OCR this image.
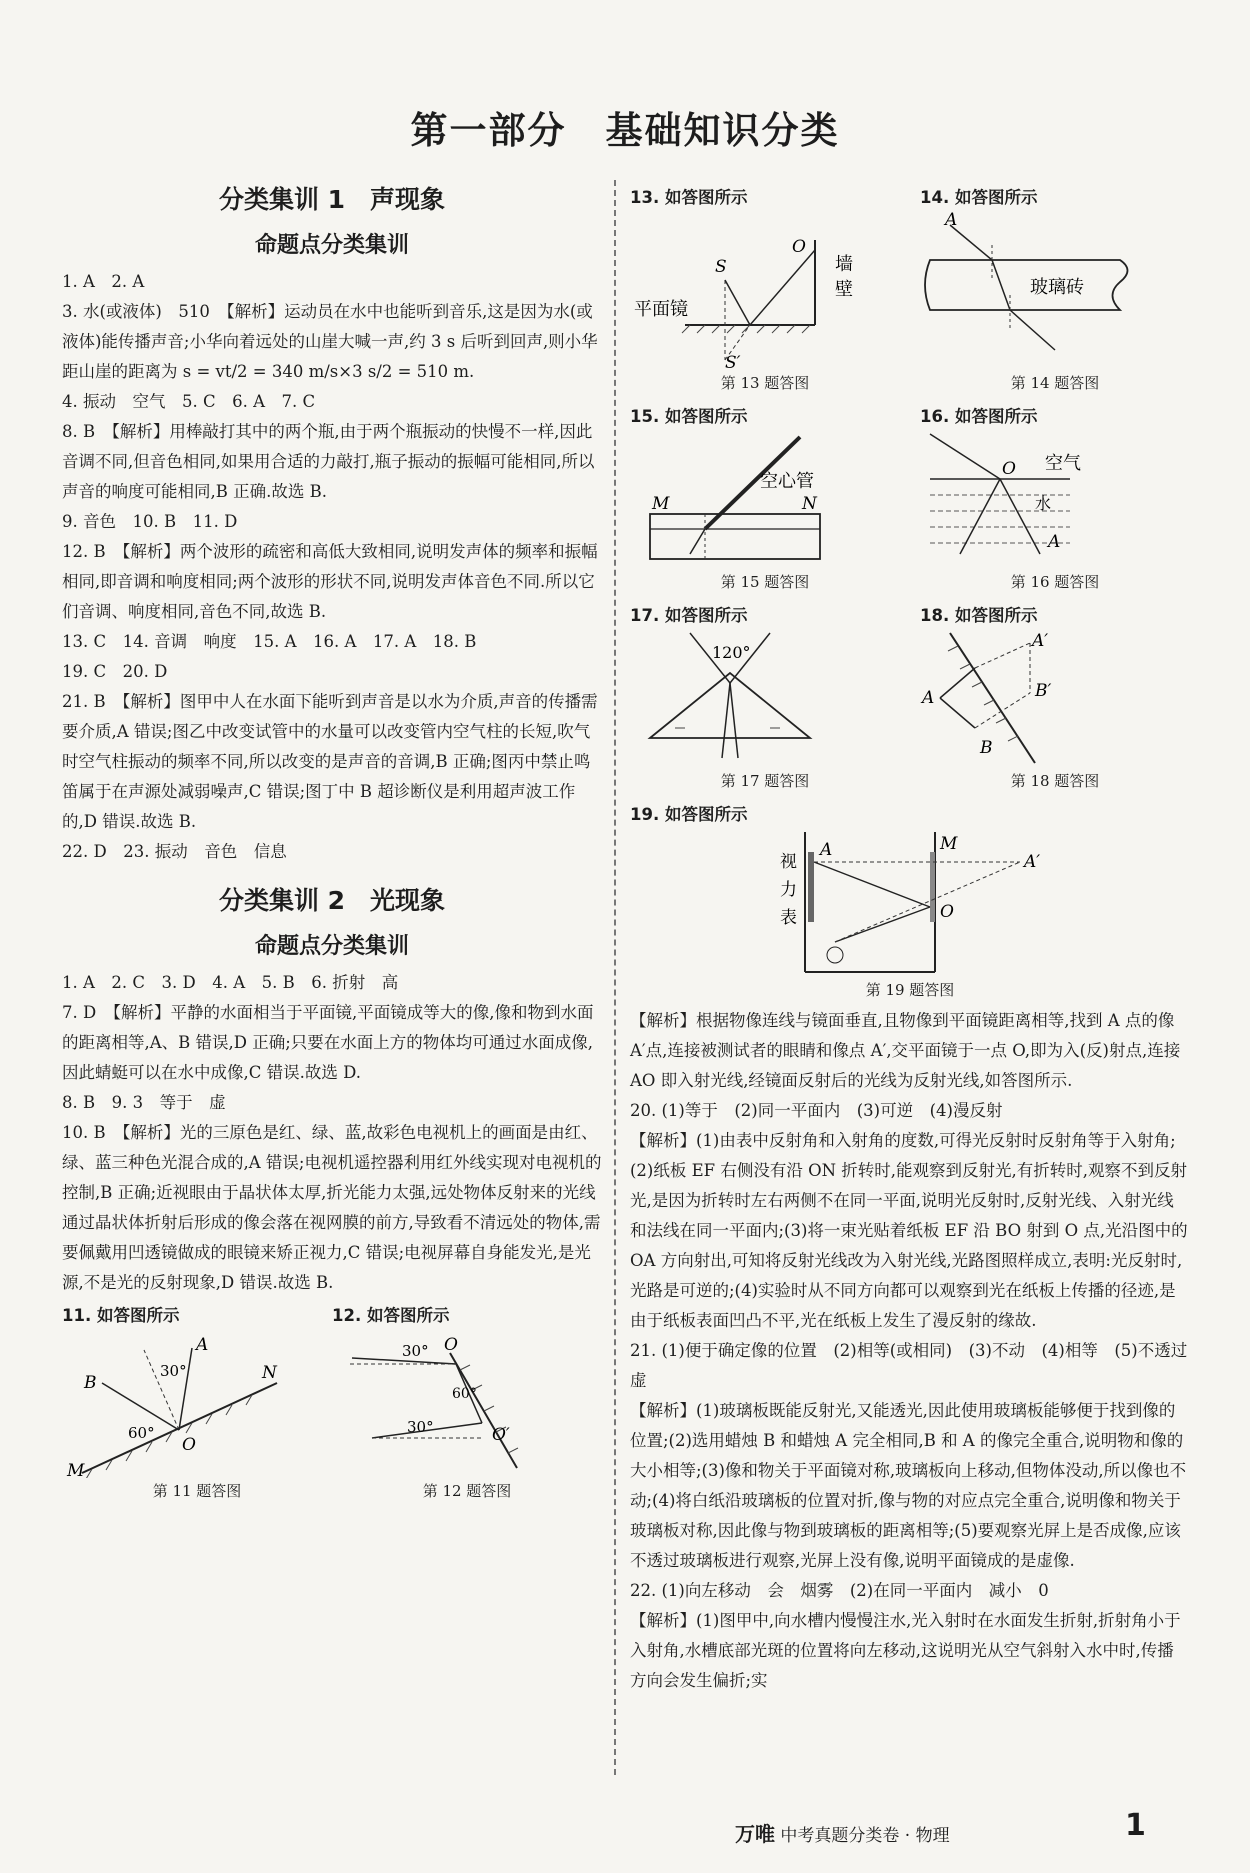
第一部分　基础知识分类
分类集训 1　声现象
命题点分类集训

1. A　2. A

3. 水(或液体)　510　【解析】运动员在水中也能听到音乐,这是因为水(或液体)能传播声音;小华向着远处的山崖大喊一声,约 3 s 后听到回声,则小华距山崖的距离为 s = vt/2 = 340 m/s×3 s/2 = 510 m.

4. 振动　空气　5. C　6. A　7. C

8. B　【解析】用棒敲打其中的两个瓶,由于两个瓶振动的快慢不一样,因此音调不同,但音色相同,如果用合适的力敲打,瓶子振动的振幅可能相同,所以声音的响度可能相同,B 正确.故选 B.

9. 音色　10. B　11. D

12. B　【解析】两个波形的疏密和高低大致相同,说明发声体的频率和振幅相同,即音调和响度相同;两个波形的形状不同,说明发声体音色不同.所以它们音调、响度相同,音色不同,故选 B.

13. C　14. 音调　响度　15. A　16. A　17. A　18. B

19. C　20. D

21. B　【解析】图甲中人在水面下能听到声音是以水为介质,声音的传播需要介质,A 错误;图乙中改变试管中的水量可以改变管内空气柱的长短,吹气时空气柱振动的频率不同,所以改变的是声音的音调,B 正确;图丙中禁止鸣笛属于在声源处减弱噪声,C 错误;图丁中 B 超诊断仪是利用超声波工作的,D 错误.故选 B.

22. D　23. 振动　音色　信息

分类集训 2　光现象
命题点分类集训

1. A　2. C　3. D　4. A　5. B　6. 折射　高

7. D　【解析】平静的水面相当于平面镜,平面镜成等大的像,像和物到水面的距离相等,A、B 错误,D 正确;只要在水面上方的物体均可通过水面成像,因此蜻蜓可以在水中成像,C 错误.故选 D.

8. B　9. 3　等于　虚

10. B　【解析】光的三原色是红、绿、蓝,故彩色电视机上的画面是由红、绿、蓝三种色光混合成的,A 错误;电视机遥控器利用红外线实现对电视机的控制,B 正确;近视眼由于晶状体太厚,折光能力太强,远处物体反射来的光线通过晶状体折射后形成的像会落在视网膜的前方,导致看不清远处的物体,需要佩戴用凹透镜做成的眼镜来矫正视力,C 错误;电视屏幕自身能发光,是光源,不是光的反射现象,D 错误.故选 B.

11. 如答图所示
A
B	N
M
O
30°
60°
第 11 题答图
12. 如答图所示
O
O′
30°
30°
60°
第 12 题答图
13. 如答图所示
S
O
墙
壁
平面镜
S′
第 13 题答图
14. 如答图所示
A
玻璃砖
第 14 题答图
15. 如答图所示
空心管
M	N
第 15 题答图
16. 如答图所示
O 空气
水
A
第 16 题答图
17. 如答图所示
120°
第 17 题答图
18. 如答图所示
A′
A	B′
B
第 18 题答图
19. 如答图所示
视
力
表
A	M
A′
O
第 19 题答图

【解析】根据物像连线与镜面垂直,且物像到平面镜距离相等,找到 A 点的像 A′点,连接被测试者的眼睛和像点 A′,交平面镜于一点 O,即为入(反)射点,连接 AO 即入射光线,经镜面反射后的光线为反射光线,如答图所示.

20. (1)等于　(2)同一平面内　(3)可逆　(4)漫反射

【解析】(1)由表中反射角和入射角的度数,可得光反射时反射角等于入射角;(2)纸板 EF 右侧没有沿 ON 折转时,能观察到反射光,有折转时,观察不到反射光,是因为折转时左右两侧不在同一平面,说明光反射时,反射光线、入射光线和法线在同一平面内;(3)将一束光贴着纸板 EF 沿 BO 射到 O 点,光沿图中的 OA 方向射出,可知将反射光线改为入射光线,光路图照样成立,表明:光反射时,光路是可逆的;(4)实验时从不同方向都可以观察到光在纸板上传播的径迹,是由于纸板表面凹凸不平,光在纸板上发生了漫反射的缘故.

21. (1)便于确定像的位置　(2)相等(或相同)　(3)不动　(4)相等　(5)不透过　虚

【解析】(1)玻璃板既能反射光,又能透光,因此使用玻璃板能够便于找到像的位置;(2)选用蜡烛 B 和蜡烛 A 完全相同,B 和 A 的像完全重合,说明物和像的大小相等;(3)像和物关于平面镜对称,玻璃板向上移动,但物体没动,所以像也不动;(4)将白纸沿玻璃板的位置对折,像与物的对应点完全重合,说明像和物关于玻璃板对称,因此像与物到玻璃板的距离相等;(5)要观察光屏上是否成像,应该不透过玻璃板进行观察,光屏上没有像,说明平面镜成的是虚像.

22. (1)向左移动　会　烟雾　(2)在同一平面内　减小　0

【解析】(1)图甲中,向水槽内慢慢注水,光入射时在水面发生折射,折射角小于入射角,水槽底部光斑的位置将向左移动,这说明光从空气斜射入水中时,传播方向会发生偏折;实

万唯 中考真题分类卷 · 物理	1
